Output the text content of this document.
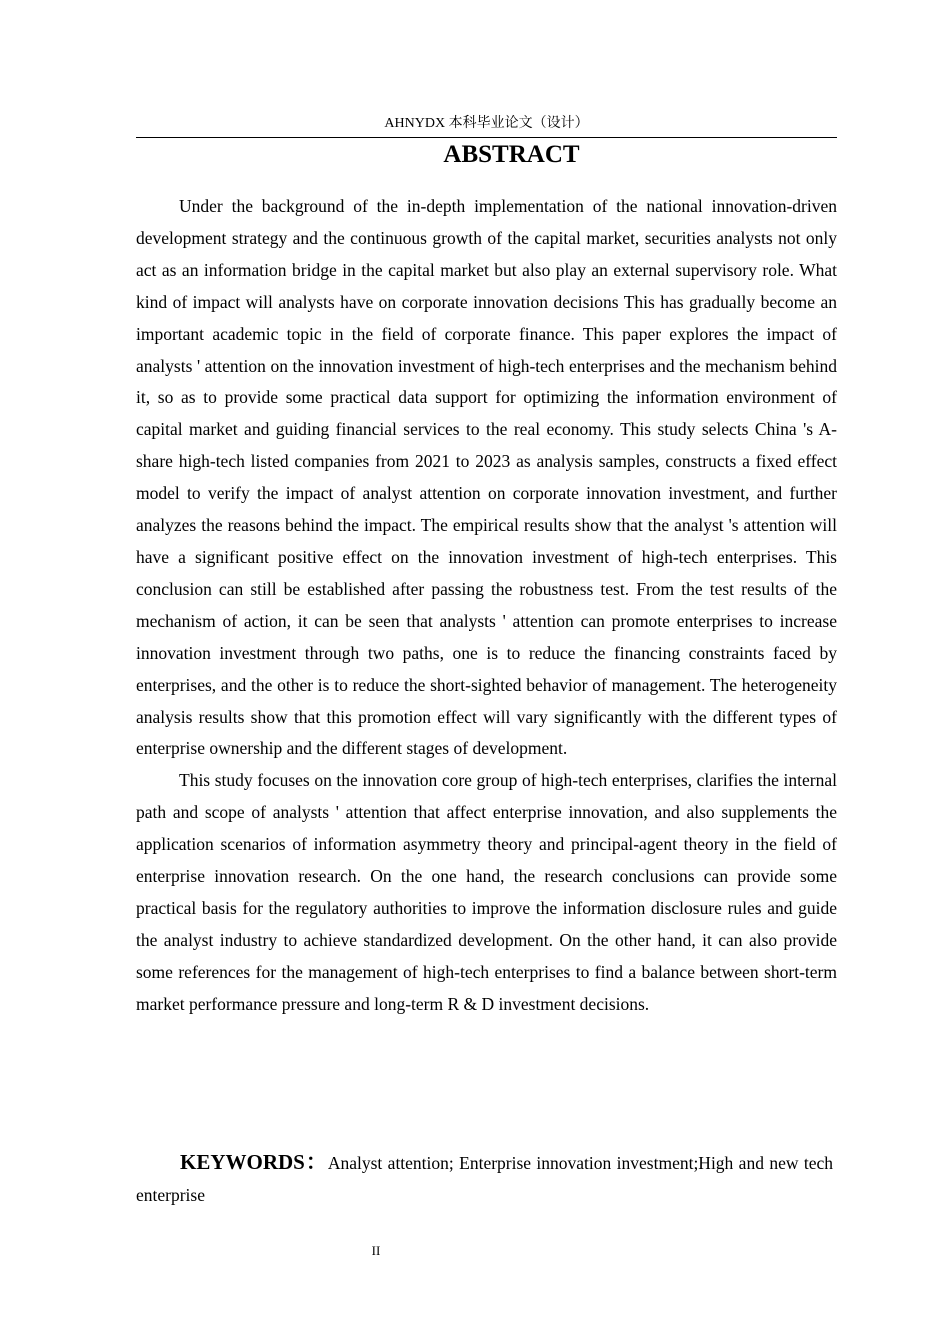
AHNYDX 本科毕业论文（设计）
ABSTRACT

Under the background of the in-depth implementation of the national innovation-driven development strategy and the continuous growth of the capital market, securities analysts not only act as an information bridge in the capital market but also play an external supervisory role. What kind of impact will analysts have on corporate innovation decisions This has gradually become an important academic topic in the field of corporate finance. This paper explores the impact of analysts ' attention on the innovation investment of high-tech enterprises and the mechanism behind it, so as to provide some practical data support for optimizing the information environment of capital market and guiding financial services to the real economy. This study selects China 's A-share high-tech listed companies from 2021 to 2023 as analysis samples, constructs a fixed effect model to verify the impact of analyst attention on corporate innovation investment, and further analyzes the reasons behind the impact. The empirical results show that the analyst 's attention will have a significant positive effect on the innovation investment of high-tech enterprises. This conclusion can still be established after passing the robustness test. From the test results of the mechanism of action, it can be seen that analysts ' attention can promote enterprises to increase innovation investment through two paths, one is to reduce the financing constraints faced by enterprises, and the other is to reduce the short-sighted behavior of management. The heterogeneity analysis results show that this promotion effect will vary significantly with the different types of enterprise ownership and the different stages of development.

This study focuses on the innovation core group of high-tech enterprises, clarifies the internal path and scope of analysts ' attention that affect enterprise innovation, and also supplements the application scenarios of information asymmetry theory and principal-agent theory in the field of enterprise innovation research. On the one hand, the research conclusions can provide some practical basis for the regulatory authorities to improve the information disclosure rules and guide the analyst industry to achieve standardized development. On the other hand, it can also provide some references for the management of high-tech enterprises to find a balance between short-term market performance pressure and long-term R & D investment decisions.

KEYWORDS：Analyst attention; Enterprise innovation investment;High and new tech enterprise

II
